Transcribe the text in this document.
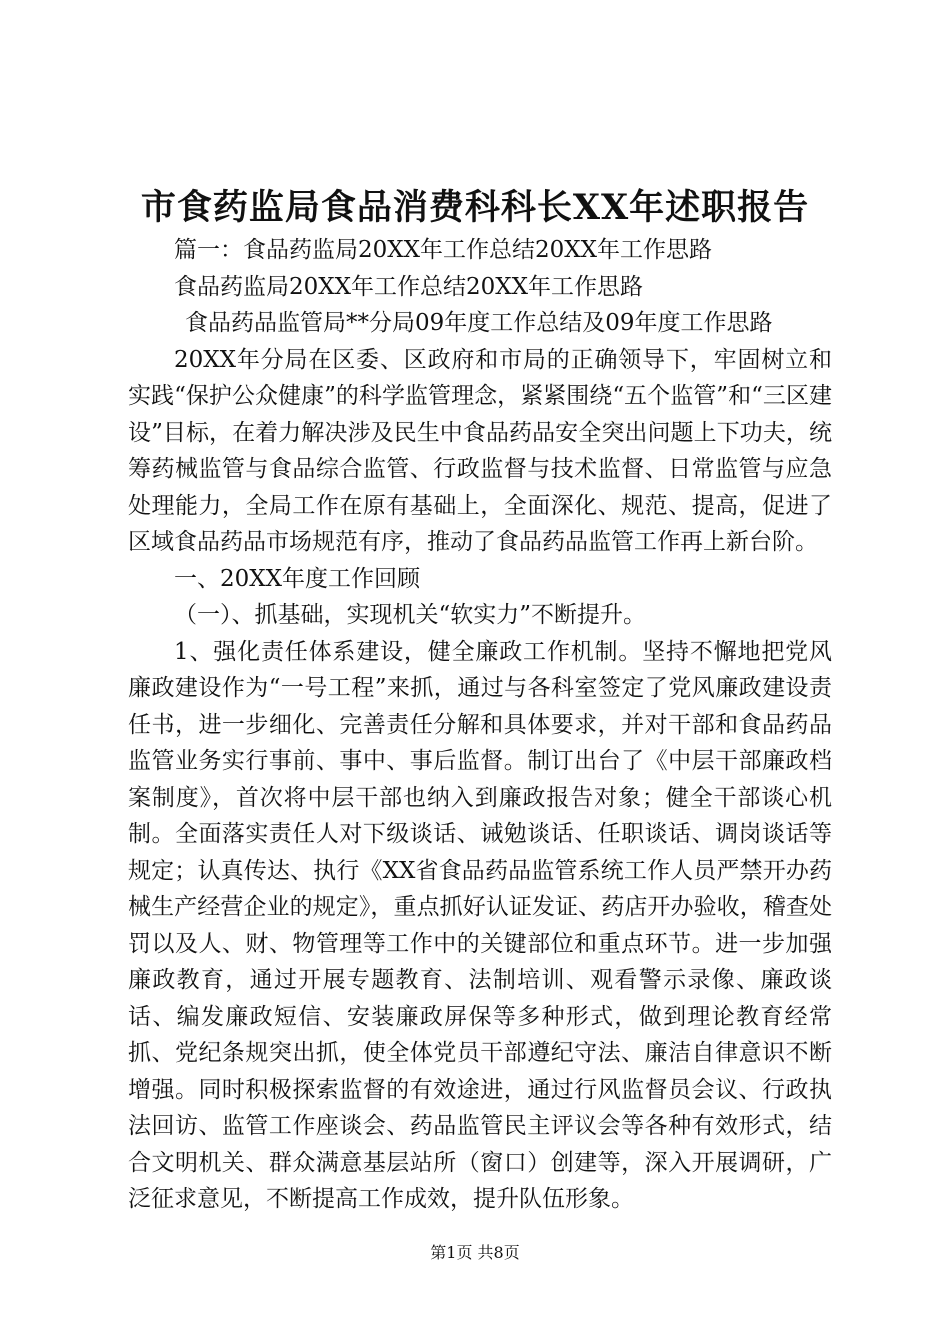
市食药监局食品消费科科长XX年述职报告

篇一：食品药监局20XX年工作总结20XX年工作思路

食品药监局20XX年工作总结20XX年工作思路

食品药品监管局**分局09年度工作总结及09年度工作思路

20XX年分局在区委、区政府和市局的正确领导下，牢固树立和实践“保护公众健康”的科学监管理念，紧紧围绕“五个监管”和“三区建设”目标，在着力解决涉及民生中食品药品安全突出问题上下功夫，统筹药械监管与食品综合监管、行政监督与技术监督、日常监管与应急处理能力，全局工作在原有基础上，全面深化、规范、提高，促进了区域食品药品市场规范有序，推动了食品药品监管工作再上新台阶。

一、20XX年度工作回顾

（一）、抓基础，实现机关“软实力”不断提升。

1、强化责任体系建设，健全廉政工作机制。坚持不懈地把党风廉政建设作为“一号工程”来抓，通过与各科室签定了党风廉政建设责任书，进一步细化、完善责任分解和具体要求，并对干部和食品药品监管业务实行事前、事中、事后监督。制订出台了《中层干部廉政档案制度》，首次将中层干部也纳入到廉政报告对象；健全干部谈心机制。全面落实责任人对下级谈话、诫勉谈话、任职谈话、调岗谈话等规定；认真传达、执行《XX省食品药品监管系统工作人员严禁开办药械生产经营企业的规定》，重点抓好认证发证、药店开办验收，稽查处罚以及人、财、物管理等工作中的关键部位和重点环节。进一步加强廉政教育，通过开展专题教育、法制培训、观看警示录像、廉政谈话、编发廉政短信、安装廉政屏保等多种形式，做到理论教育经常抓、党纪条规突出抓，使全体党员干部遵纪守法、廉洁自律意识不断增强。同时积极探索监督的有效途进，通过行风监督员会议、行政执法回访、监管工作座谈会、药品监管民主评议会等各种有效形式，结合文明机关、群众满意基层站所（窗口）创建等，深入开展调研，广泛征求意见，不断提高工作成效，提升队伍形象。

第1页 共8页
